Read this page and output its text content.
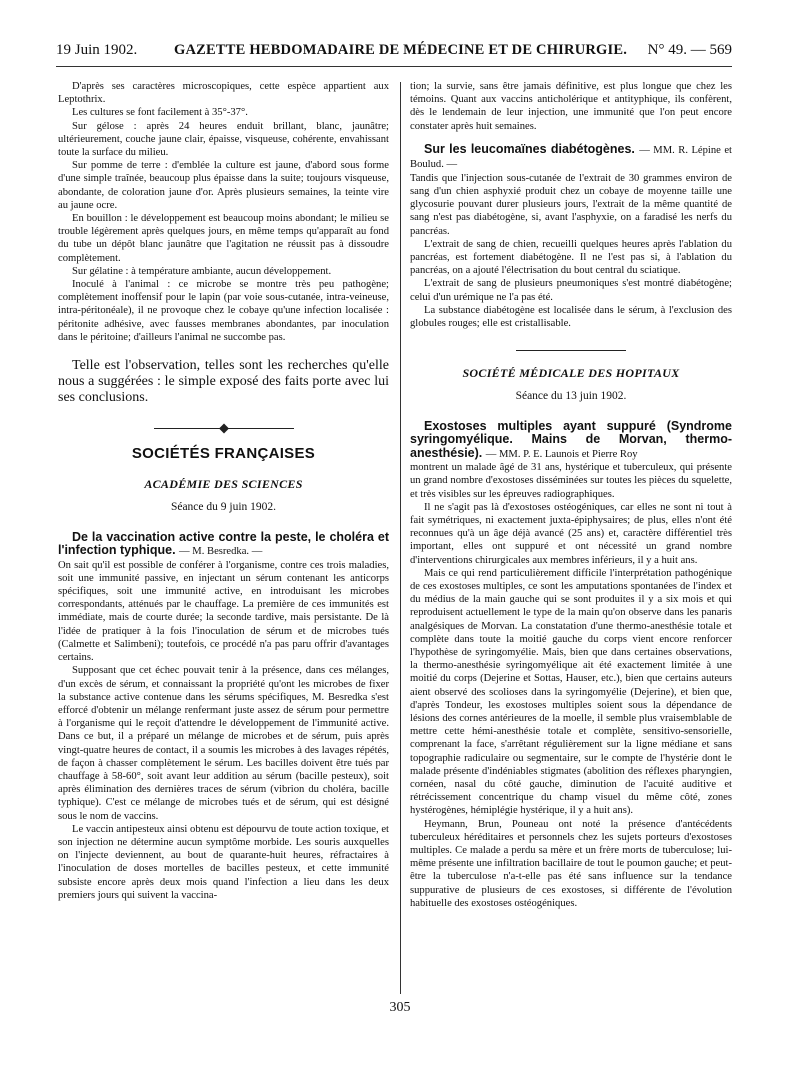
19 Juin 1902.	GAZETTE HEBDOMADAIRE DE MÉDECINE ET DE CHIRURGIE. N° 49. — 569

D'après ses caractères microscopiques, cette espèce appartient aux Leptothrix.

Les cultures se font facilement à 35°-37°.

Sur gélose : après 24 heures enduit brillant, blanc, jaunâtre; ultérieurement, couche jaune clair, épaisse, visqueuse, cohérente, envahissant toute la surface du milieu.

Sur pomme de terre : d'emblée la culture est jaune, d'abord sous forme d'une simple traînée, beaucoup plus épaisse dans la suite; toujours visqueuse, abondante, de coloration jaune d'or. Après plusieurs semaines, la teinte vire au jaune ocre.

En bouillon : le développement est beaucoup moins abondant; le milieu se trouble légèrement après quelques jours, en même temps qu'apparaît au fond du tube un dépôt blanc jaunâtre que l'agitation ne réussit pas à dissoudre complètement.

Sur gélatine : à température ambiante, aucun développement.

Inoculé à l'animal : ce microbe se montre très peu pathogène; complètement inoffensif pour le lapin (par voie sous-cutanée, intra-veineuse, intra-péritonéale), il ne provoque chez le cobaye qu'une infection localisée : péritonite adhésive, avec fausses membranes abondantes, par inoculation dans le péritoine; d'ailleurs l'animal ne succombe pas.

Telle est l'observation, telles sont les recherches qu'elle nous a suggérées : le simple exposé des faits porte avec lui ses conclusions.

SOCIÉTÉS FRANÇAISES
ACADÉMIE DES SCIENCES
Séance du 9 juin 1902.

De la vaccination active contre la peste, le choléra et l'infection typhique. — M. Besredka. —

On sait qu'il est possible de conférer à l'organisme, contre ces trois maladies, soit une immunité passive, en injectant un sérum contenant les anticorps spécifiques, soit une immunité active, en introduisant les microbes correspondants, atténués par le chauffage. La première de ces immunités est immédiate, mais de courte durée; la seconde tardive, mais persistante. De là l'idée de pratiquer à la fois l'inoculation de sérum et de microbes tués (Calmette et Salimbeni); toutefois, ce procédé n'a pas paru offrir d'avantages certains.

Supposant que cet échec pouvait tenir à la présence, dans ces mélanges, d'un excès de sérum, et connaissant la propriété qu'ont les microbes de fixer la substance active contenue dans les sérums spécifiques, M. Besredka s'est efforcé d'obtenir un mélange renfermant juste assez de sérum pour permettre à l'organisme qui le reçoit d'attendre le développement de l'immunité active. Dans ce but, il a préparé un mélange de microbes et de sérum, puis après vingt-quatre heures de contact, il a soumis les microbes à des lavages répétés, de façon à chasser complètement le sérum. Les bacilles doivent être tués par chauffage à 58-60°, soit avant leur addition au sérum (bacille pesteux), soit après élimination des dernières traces de sérum (vibrion du choléra, bacille typhique). C'est ce mélange de microbes tués et de sérum, qui est désigné sous le nom de vaccins.

Le vaccin antipesteux ainsi obtenu est dépourvu de toute action toxique, et son injection ne détermine aucun symptôme morbide. Les souris auxquelles on l'injecte deviennent, au bout de quarante-huit heures, réfractaires à l'inoculation de doses mortelles de bacilles pesteux, et cette immunité subsiste encore après deux mois quand l'infection a lieu dans les deux premiers jours qui suivent la vaccina-

tion; la survie, sans être jamais définitive, est plus longue que chez les témoins. Quant aux vaccins anticholérique et antityphique, ils confèrent, dès le lendemain de leur injection, une immunité que l'on peut encore constater après huit semaines.

Sur les leucomaïnes diabétogènes. — MM. R. Lépine et Boulud. —

Tandis que l'injection sous-cutanée de l'extrait de 30 grammes environ de sang d'un chien asphyxié produit chez un cobaye de moyenne taille une glycosurie pouvant durer plusieurs jours, l'extrait de la même quantité de sang n'est pas diabétogène, si, avant l'asphyxie, on a faradisé les nerfs du pancréas.

L'extrait de sang de chien, recueilli quelques heures après l'ablation du pancréas, est fortement diabétogène. Il ne l'est pas si, à l'ablation du pancréas, on a ajouté l'électrisation du bout central du sciatique.

L'extrait de sang de plusieurs pneumoniques s'est montré diabétogène; celui d'un urémique ne l'a pas été.

La substance diabétogène est localisée dans le sérum, à l'exclusion des globules rouges; elle est cristallisable.

SOCIÉTÉ MÉDICALE DES HOPITAUX
Séance du 13 juin 1902.

Exostoses multiples ayant suppuré (Syndrome syringomyélique. Mains de Morvan, thermo-anesthésie). — MM. P. E. Launois et Pierre Roy

montrent un malade âgé de 31 ans, hystérique et tuberculeux, qui présente un grand nombre d'exostoses disséminées sur toutes les pièces du squelette, et très visibles sur les épreuves radiographiques.

Il ne s'agit pas là d'exostoses ostéogéniques, car elles ne sont ni tout à fait symétriques, ni exactement juxta-épiphysaires; de plus, elles n'ont été reconnues qu'à un âge déjà avancé (25 ans) et, caractère différentiel très important, elles ont suppuré et ont nécessité un grand nombre d'interventions chirurgicales aux membres inférieurs, il y a huit ans.

Mais ce qui rend particulièrement difficile l'interprétation pathogénique de ces exostoses multiples, ce sont les amputations spontanées de l'index et du médius de la main gauche qui se sont produites il y a six mois et qui reproduisent actuellement le type de la main qu'on observe dans les panaris analgésiques de Morvan. La constatation d'une thermo-anesthésie totale et complète dans toute la moitié gauche du corps vient encore renforcer l'hypothèse de syringomyélie. Mais, bien que dans certaines observations, la thermo-anesthésie syringomyélique ait été exactement limitée à une moitié du corps (Dejerine et Sottas, Hauser, etc.), bien que certains auteurs aient observé des scolioses dans la syringomyélie (Dejerine), et bien que, d'après Tondeur, les exostoses multiples soient sous la dépendance de lésions des cornes antérieures de la moelle, il semble plus vraisemblable de mettre cette hémi-anesthésie totale et complète, sensitivo-sensorielle, comprenant la face, s'arrêtant régulièrement sur la ligne médiane et sans topographie radiculaire ou segmentaire, sur le compte de l'hystérie dont le malade présente d'indéniables stigmates (abolition des réflexes pharyngien, cornéen, nasal du côté gauche, diminution de l'acuité auditive et rétrécissement concentrique du champ visuel du même côté, zones hystérogènes, hémiplégie hystérique, il y a huit ans).

Heymann, Brun, Pouneau ont noté la présence d'antécédents tuberculeux héréditaires et personnels chez les sujets porteurs d'exostoses multiples. Ce malade a perdu sa mère et un frère morts de tuberculose; lui-même présente une infiltration bacillaire de tout le poumon gauche; et peut-être la tuberculose n'a-t-elle pas été sans influence sur la tendance suppurative de plusieurs de ces exostoses, si différente de l'évolution habituelle des exostoses ostéogéniques.

305
